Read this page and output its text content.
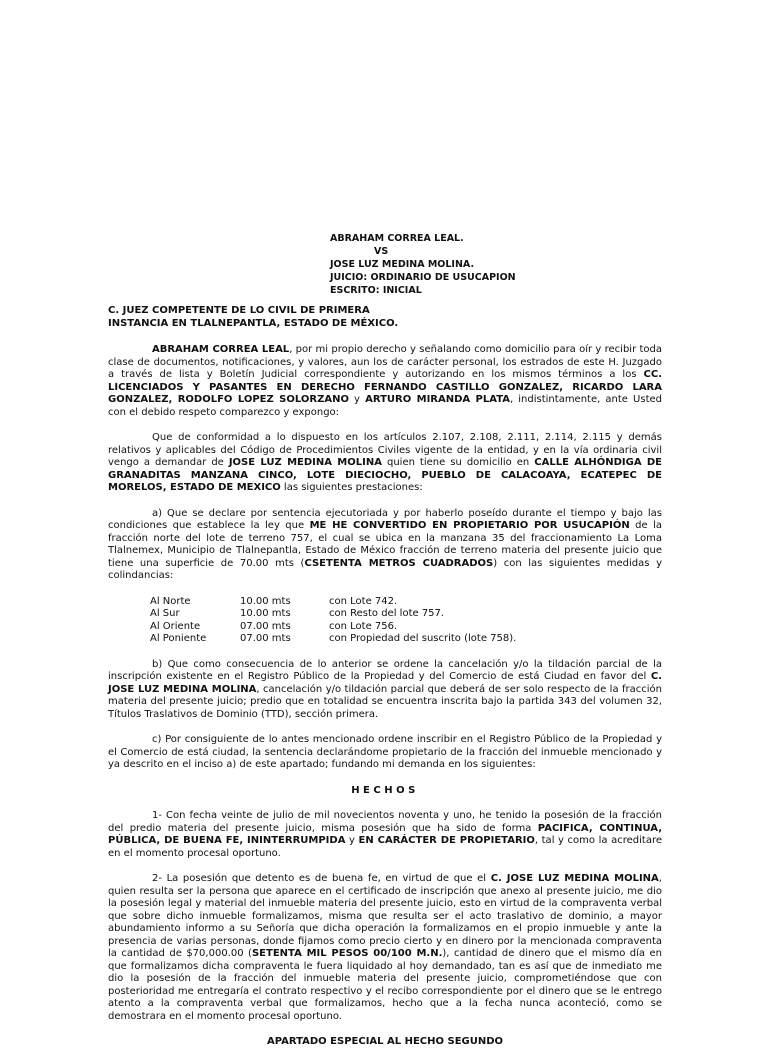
ABRAHAM CORREA LEAL.
VS
JOSE LUZ MEDINA MOLINA.
JUICIO: ORDINARIO DE USUCAPION
ESCRITO: INICIAL

C. JUEZ COMPETENTE DE LO CIVIL DE PRIMERA
INSTANCIA EN TLALNEPANTLA, ESTADO DE MÉXICO.

ABRAHAM CORREA LEAL, por mi propio derecho y señalando como domicilio para oír y recibir toda clase de documentos, notificaciones, y valores, aun los de carácter personal, los estrados de este H. Juzgado a través de lista y Boletín Judicial correspondiente y autorizando en los mismos términos a los CC. LICENCIADOS Y PASANTES EN DERECHO FERNANDO CASTILLO GONZALEZ, RICARDO LARA GONZALEZ, RODOLFO LOPEZ SOLORZANO y ARTURO MIRANDA PLATA, indistintamente, ante Usted con el debido respeto comparezco y expongo:

Que de conformidad a lo dispuesto en los artículos 2.107, 2.108, 2.111, 2.114, 2.115 y demás relativos y aplicables del Código de Procedimientos Civiles vigente de la entidad, y en la vía ordinaria civil vengo a demandar de JOSE LUZ MEDINA MOLINA quien tiene su domicilio en CALLE ALHÓNDIGA DE GRANADITAS MANZANA CINCO, LOTE DIECIOCHO, PUEBLO DE CALACOAYA, ECATEPEC DE MORELOS, ESTADO DE MEXICO las siguientes prestaciones:

a) Que se declare por sentencia ejecutoriada y por haberlo poseído durante el tiempo y bajo las condiciones que establece la ley que ME HE CONVERTIDO EN PROPIETARIO POR USUCAPIÓN de la fracción norte del lote de terreno 757, el cual se ubica en la manzana 35 del fraccionamiento La Loma Tlalnemex, Municipio de Tlalnepantla, Estado de México fracción de terreno materia del presente juicio que tiene una superficie de 70.00 mts (CSETENTA METROS CUADRADOS) con las siguientes medidas y colindancias:

Al Norte	10.00 mts	con Lote 742.
Al Sur	10.00 mts	con Resto del lote 757.
Al Oriente	07.00 mts	con Lote 756.
Al Poniente	07.00 mts	con Propiedad del suscrito (lote 758).

b) Que como consecuencia de lo anterior se ordene la cancelación y/o la tildación parcial de la inscripción existente en el Registro Público de la Propiedad y del Comercio de está Ciudad en favor del C. JOSE LUZ MEDINA MOLINA, cancelación y/o tildación parcial que deberá de ser solo respecto de la fracción materia del presente juicio; predio que en totalidad se encuentra inscrita bajo la partida 343 del volumen 32, Títulos Traslativos de Dominio (TTD), sección primera.

c) Por consiguiente de lo antes mencionado ordene inscribir en el Registro Público de la Propiedad y el Comercio de está ciudad, la sentencia declarándome propietario de la fracción del inmueble mencionado y ya descrito en el inciso a) de este apartado; fundando mi demanda en los siguientes:

HECHOS

1- Con fecha veinte de julio de mil novecientos noventa y uno, he tenido la posesión de la fracción del predio materia del presente juicio, misma posesión que ha sido de forma PACIFICA, CONTINUA, PÚBLICA, DE BUENA FE, ININTERRUMPIDA y EN CARÁCTER DE PROPIETARIO, tal y como la acreditare en el momento procesal oportuno.

2- La posesión que detento es de buena fe, en virtud de que el C. JOSE LUZ MEDINA MOLINA, quien resulta ser la persona que aparece en el certificado de inscripción que anexo al presente juicio, me dio la posesión legal y material del inmueble materia del presente juicio, esto en virtud de la compraventa verbal que sobre dicho inmueble formalizamos, misma que resulta ser el acto traslativo de dominio, a mayor abundamiento informo a su Señoría que dicha operación la formalizamos en el propio inmueble y ante la presencia de varias personas, donde fijamos como precio cierto y en dinero por la mencionada compraventa la cantidad de $70,000.00 (SETENTA MIL PESOS 00/100 M.N.), cantidad de dinero que el mismo día en que formalizamos dicha compraventa le fuera liquidado al hoy demandado, tan es así que de inmediato me dio la posesión de la fracción del inmueble materia del presente juicio, comprometiéndose que con posterioridad me entregaría el contrato respectivo y el recibo correspondiente por el dinero que se le entrego atento a la compraventa verbal que formalizamos, hecho que a la fecha nunca aconteció, como se demostrara en el momento procesal oportuno.

APARTADO ESPECIAL AL HECHO SEGUNDO
